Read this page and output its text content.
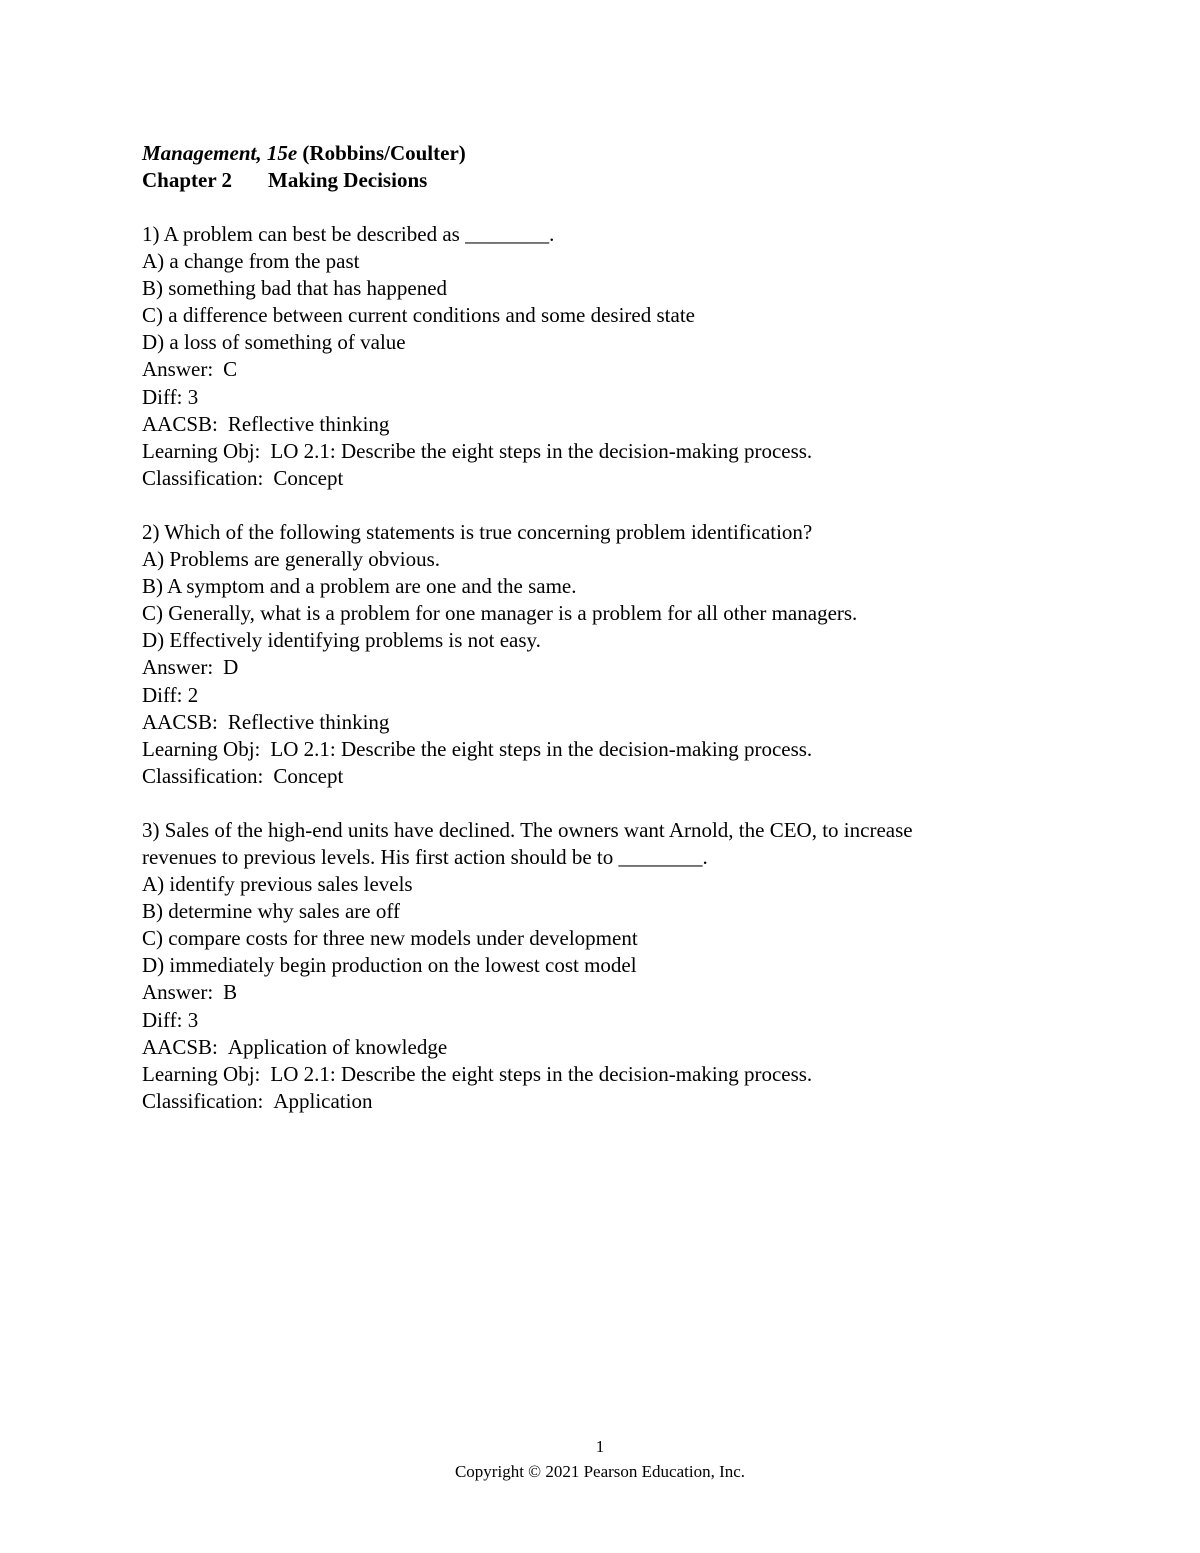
Management, 15e (Robbins/Coulter)
Chapter 2 Making Decisions
1) A problem can best be described as ________.
A) a change from the past
B) something bad that has happened
C) a difference between current conditions and some desired state
D) a loss of something of value
Answer: C
Diff: 3
AACSB: Reflective thinking
Learning Obj: LO 2.1: Describe the eight steps in the decision-making process.
Classification: Concept
2) Which of the following statements is true concerning problem identification?
A) Problems are generally obvious.
B) A symptom and a problem are one and the same.
C) Generally, what is a problem for one manager is a problem for all other managers.
D) Effectively identifying problems is not easy.
Answer: D
Diff: 2
AACSB: Reflective thinking
Learning Obj: LO 2.1: Describe the eight steps in the decision-making process.
Classification: Concept
3) Sales of the high-end units have declined. The owners want Arnold, the CEO, to increase
revenues to previous levels. His first action should be to ________.
A) identify previous sales levels
B) determine why sales are off
C) compare costs for three new models under development
D) immediately begin production on the lowest cost model
Answer: B
Diff: 3
AACSB: Application of knowledge
Learning Obj: LO 2.1: Describe the eight steps in the decision-making process.
Classification: Application
1
Copyright © 2021 Pearson Education, Inc.
